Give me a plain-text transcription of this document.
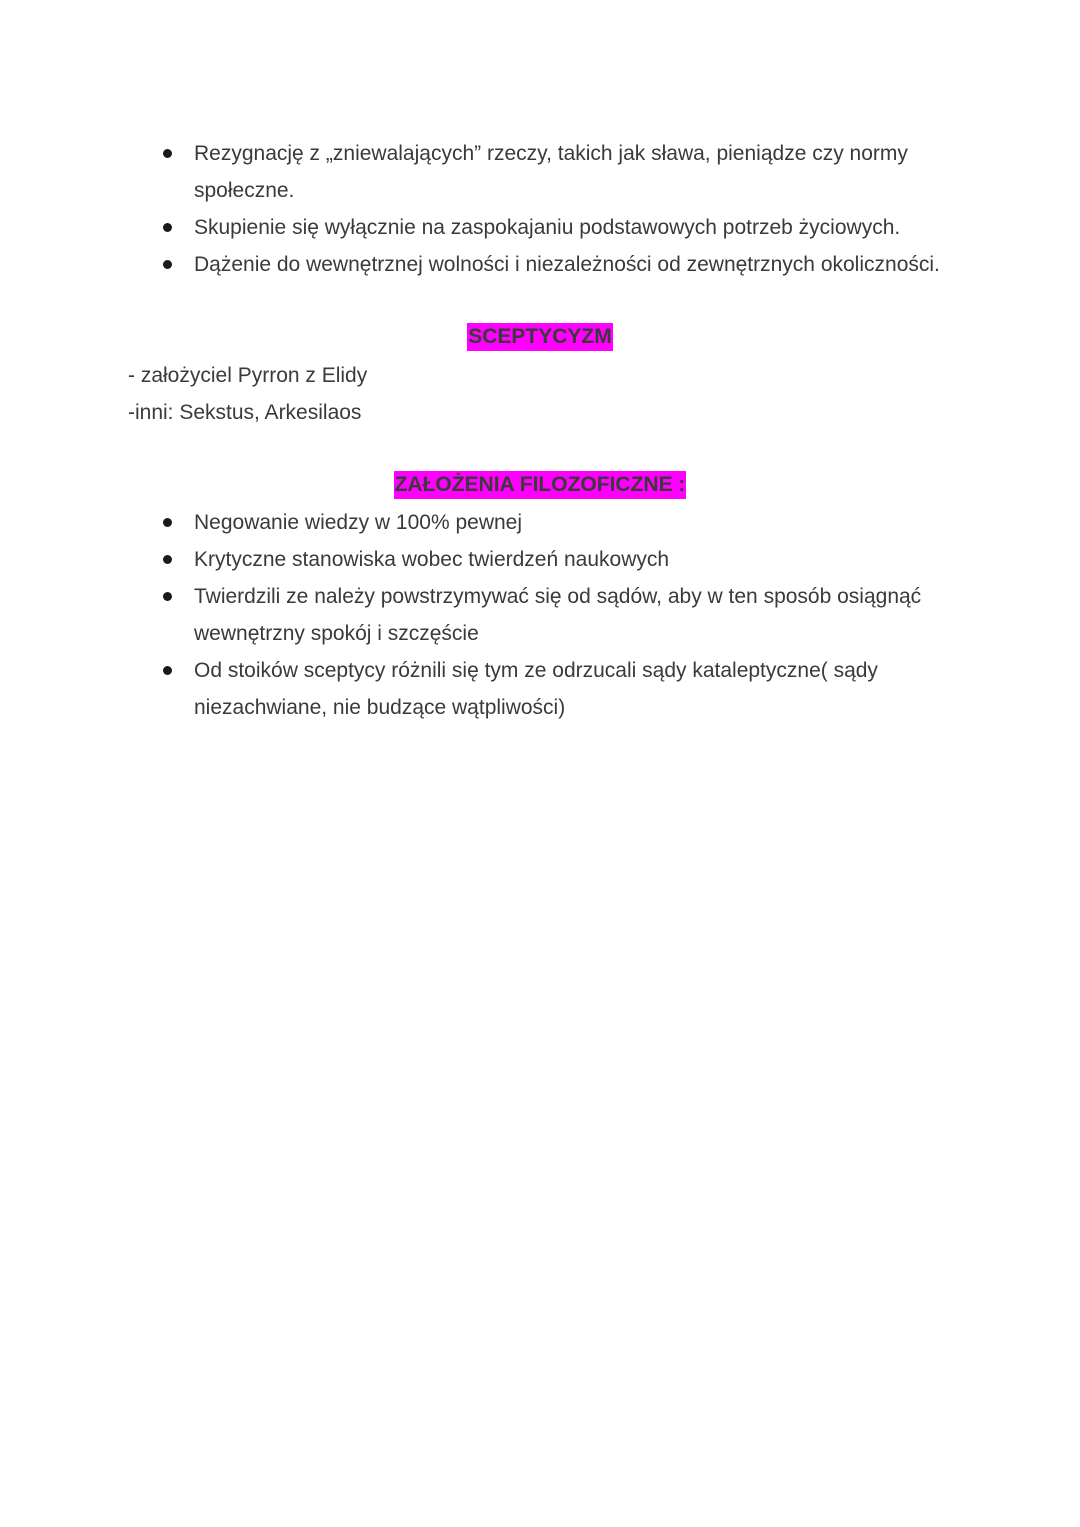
Rezygnację z „zniewalających” rzeczy, takich jak sława, pieniądze czy normy społeczne.
Skupienie się wyłącznie na zaspokajaniu podstawowych potrzeb życiowych.
Dążenie do wewnętrznej wolności i niezależności od zewnętrznych okoliczności.
SCEPTYCYZM
- założyciel Pyrron z Elidy
-inni: Sekstus, Arkesilaos
ZAŁOŻENIA FILOZOFICZNE :
Negowanie wiedzy w 100% pewnej
Krytyczne stanowiska wobec twierdzeń naukowych
Twierdzili ze należy powstrzymywać się od sądów, aby w ten sposób osiągnąć wewnętrzny spokój i szczęście
Od stoików sceptycy różnili się tym ze odrzucali sądy kataleptyczne( sądy niezachwiane, nie budzące wątpliwości)
